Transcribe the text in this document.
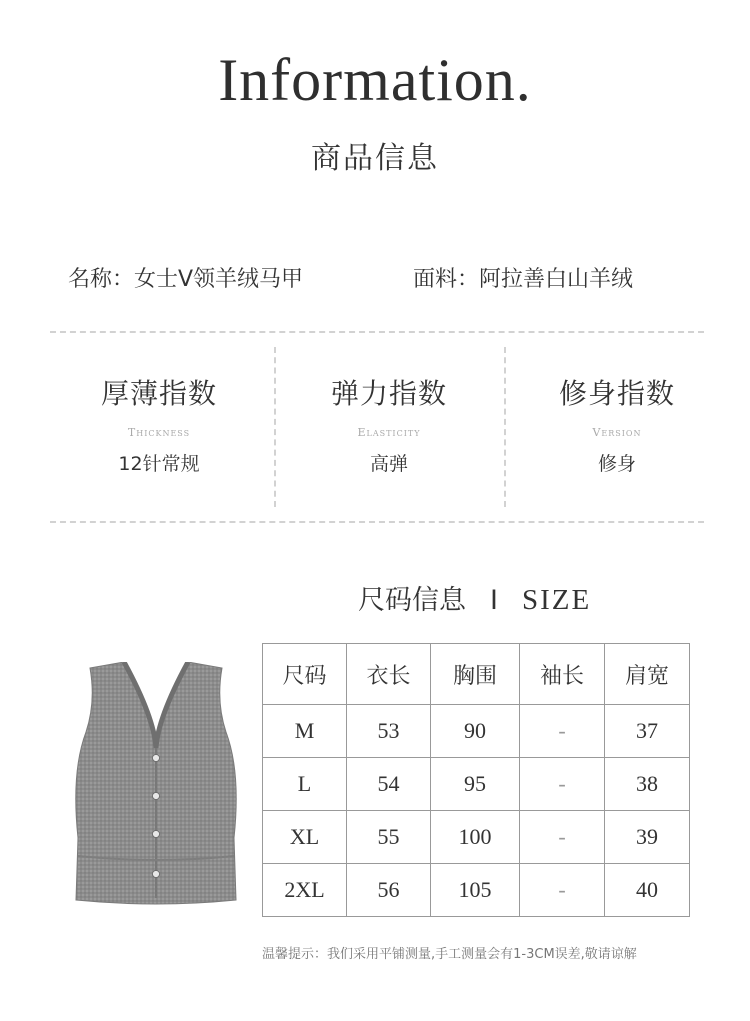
Information.
商品信息
名称：女士V领羊绒马甲	面料：阿拉善白山羊绒
厚薄指数
Thickness
12针常规
弹力指数
Elasticity
高弹
修身指数
Version
修身
尺码信息 I SIZE
尺码	衣长	胸围	袖长	肩宽
M	53	90	-	37
L	54	95	-	38
XL	55	100	-	39
2XL	56	105	-	40
温馨提示：我们采用平铺测量,手工测量会有1-3CM误差,敬请谅解
